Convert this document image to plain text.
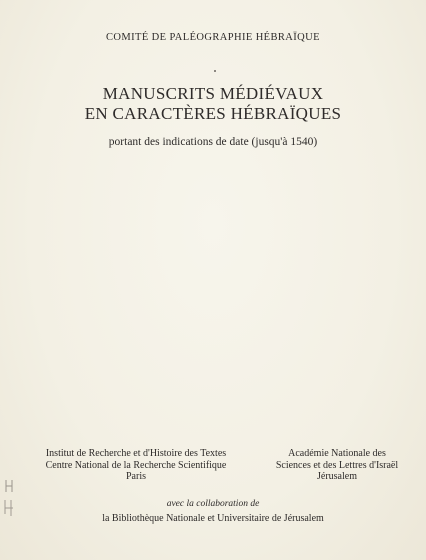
COMITÉ DE PALÉOGRAPHIE HÉBRAÏQUE
MANUSCRITS MÉDIÉVAUX
EN CARACTÈRES HÉBRAÏQUES
portant des indications de date (jusqu'à 1540)
Institut de Recherche et d'Histoire des Textes
Centre National de la Recherche Scientifique
Paris
Académie Nationale des
Sciences et des Lettres d'Israël
Jérusalem
avec la collaboration de
la Bibliothèque Nationale et Universitaire de Jérusalem
